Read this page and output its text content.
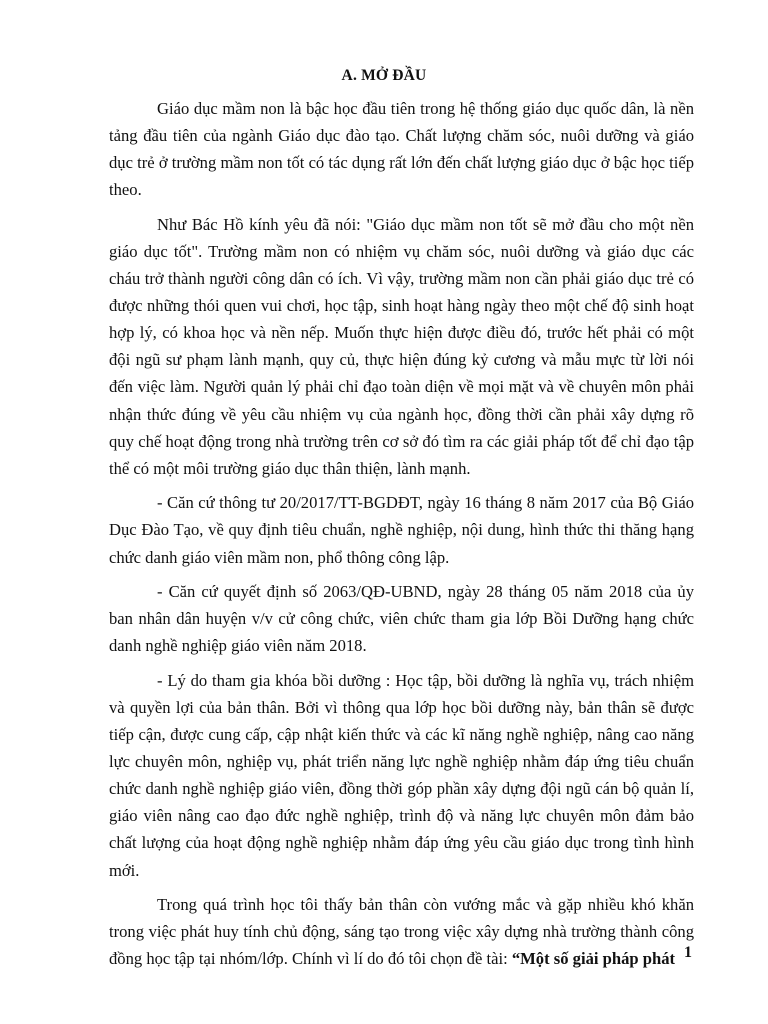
A. MỞ ĐẦU

Giáo dục mầm non là bậc học đầu tiên trong hệ thống giáo dục quốc dân, là nền tảng đầu tiên của ngành Giáo dục đào tạo. Chất lượng chăm sóc, nuôi dưỡng và giáo dục trẻ ở trường mầm non tốt có tác dụng rất lớn đến chất lượng giáo dục ở bậc học tiếp theo.

Như Bác Hồ kính yêu đã nói: "Giáo dục mầm non tốt sẽ mở đầu cho một nền giáo dục tốt". Trường mầm non có nhiệm vụ chăm sóc, nuôi dưỡng và giáo dục các cháu trở thành người công dân có ích. Vì vậy, trường mầm non cần phải giáo dục trẻ có được những thói quen vui chơi, học tập, sinh hoạt hàng ngày theo một chế độ sinh hoạt hợp lý, có khoa học và nền nếp. Muốn thực hiện được điều đó, trước hết phải có một đội ngũ sư phạm lành mạnh, quy củ, thực hiện đúng kỷ cương và mẫu mực từ lời nói đến việc làm. Người quản lý phải chỉ đạo toàn diện về mọi mặt và về chuyên môn phải nhận thức đúng về yêu cầu nhiệm vụ của ngành học, đồng thời cần phải xây dựng rõ quy chế hoạt động trong nhà trường trên cơ sở đó tìm ra các giải pháp tốt để chỉ đạo tập thể có một môi trường giáo dục thân thiện, lành mạnh.

- Căn cứ thông tư 20/2017/TT-BGDĐT, ngày 16 tháng 8 năm 2017 của Bộ Giáo Dục Đào Tạo, về quy định tiêu chuẩn, nghề nghiệp, nội dung, hình thức thi thăng hạng chức danh giáo viên mầm non, phổ thông công lập.

- Căn cứ quyết định số 2063/QĐ-UBND, ngày 28 tháng 05 năm 2018 của ủy ban nhân dân huyện v/v cử công chức, viên chức tham gia lớp Bồi Dưỡng hạng chức danh nghề nghiệp giáo viên năm 2018.

- Lý do tham gia khóa bồi dưỡng : Học tập, bồi dưỡng là nghĩa vụ, trách nhiệm và quyền lợi của bản thân. Bởi vì thông qua lớp học bồi dưỡng này, bản thân sẽ được tiếp cận, được cung cấp, cập nhật kiến thức và các kĩ năng nghề nghiệp, nâng cao năng lực chuyên môn, nghiệp vụ, phát triển năng lực nghề nghiệp nhằm đáp ứng tiêu chuẩn chức danh nghề nghiệp giáo viên, đồng thời góp phần xây dựng đội ngũ cán bộ quản lí, giáo viên nâng cao đạo đức nghề nghiệp, trình độ và năng lực chuyên môn đảm bảo chất lượng của hoạt động nghề nghiệp nhằm đáp ứng yêu cầu giáo dục trong tình hình mới.

Trong quá trình học tôi thấy bản thân còn vướng mắc và gặp nhiều khó khăn trong việc phát huy tính chủ động, sáng tạo trong việc xây dựng nhà trường thành công đồng học tập tại nhóm/lớp. Chính vì lí do đó tôi chọn đề tài: “Một số giải pháp phát 1
